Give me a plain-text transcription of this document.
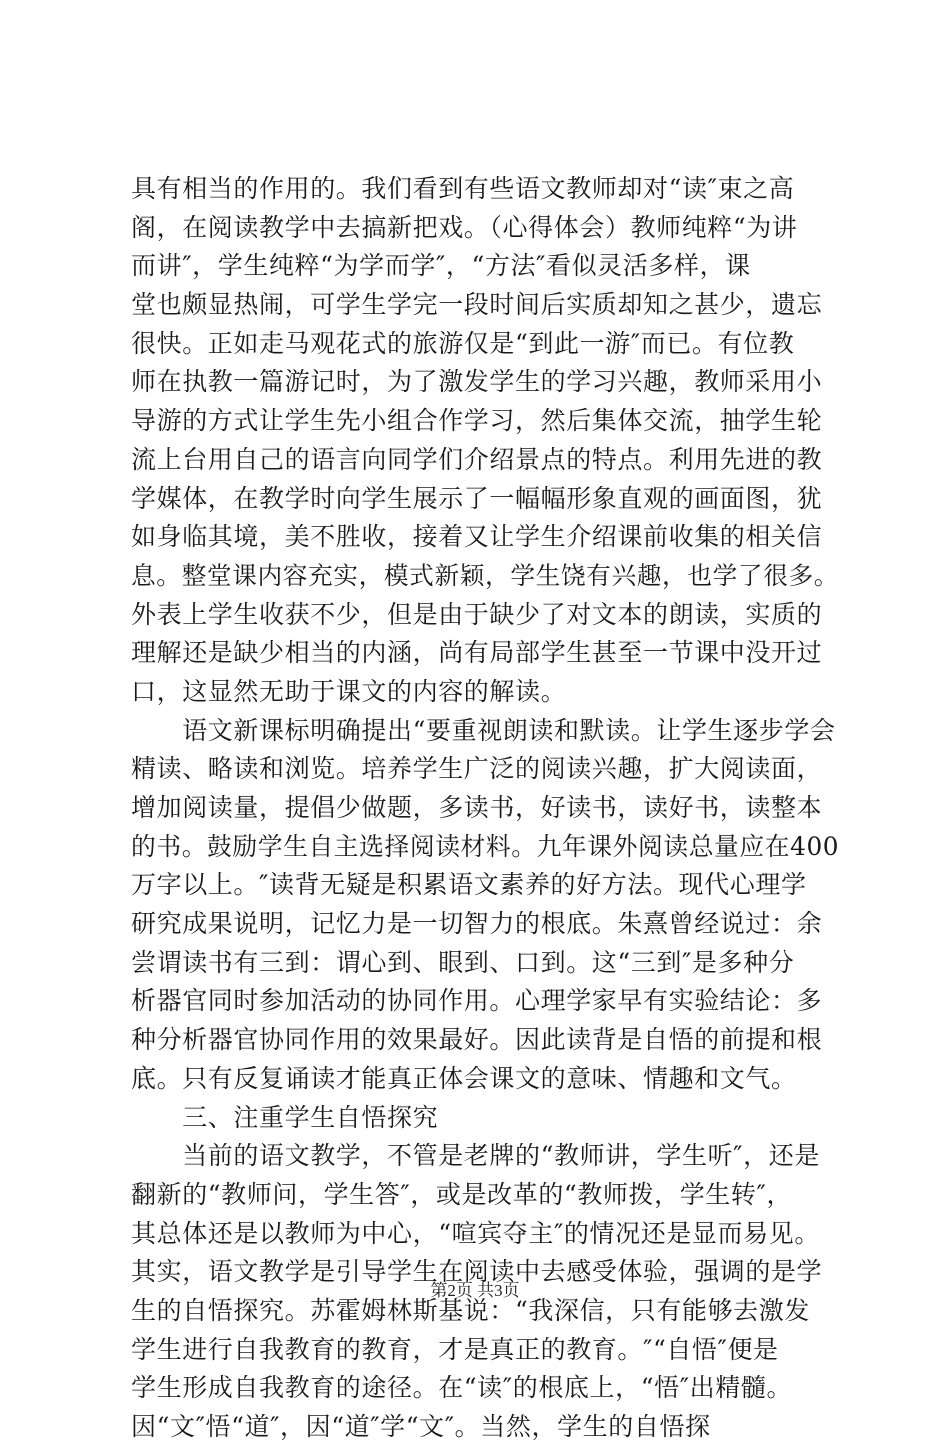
具有相当的作用的。我们看到有些语文教师却对“读″束之高
阁，在阅读教学中去搞新把戏。（心得体会）教师纯粹“为讲
而讲″，学生纯粹“为学而学″，“方法″看似灵活多样，课
堂也颇显热闹，可学生学完一段时间后实质却知之甚少，遗忘
很快。正如走马观花式的旅游仅是“到此一游″而已。有位教
师在执教一篇游记时，为了激发学生的学习兴趣，教师采用小
导游的方式让学生先小组合作学习，然后集体交流，抽学生轮
流上台用自己的语言向同学们介绍景点的特点。利用先进的教
学媒体，在教学时向学生展示了一幅幅形象直观的画面图，犹
如身临其境，美不胜收，接着又让学生介绍课前收集的相关信
息。整堂课内容充实，模式新颖，学生饶有兴趣，也学了很多。
外表上学生收获不少，但是由于缺少了对文本的朗读，实质的
理解还是缺少相当的内涵，尚有局部学生甚至一节课中没开过
口，这显然无助于课文的内容的解读。
　　语文新课标明确提出“要重视朗读和默读。让学生逐步学会
精读、略读和浏览。培养学生广泛的阅读兴趣，扩大阅读面，
增加阅读量，提倡少做题，多读书，好读书，读好书，读整本
的书。鼓励学生自主选择阅读材料。九年课外阅读总量应在400
万字以上。″读背无疑是积累语文素养的好方法。现代心理学
研究成果说明，记忆力是一切智力的根底。朱熹曾经说过：余
尝谓读书有三到：谓心到、眼到、口到。这“三到″是多种分
析器官同时参加活动的协同作用。心理学家早有实验结论：多
种分析器官协同作用的效果最好。因此读背是自悟的前提和根
底。只有反复诵读才能真正体会课文的意味、情趣和文气。
　　三、注重学生自悟探究
　　当前的语文教学，不管是老牌的“教师讲，学生听″，还是
翻新的“教师问，学生答″，或是改革的“教师拨，学生转″，
其总体还是以教师为中心，“喧宾夺主″的情况还是显而易见。
其实，语文教学是引导学生在阅读中去感受体验，强调的是学
生的自悟探究。苏霍姆林斯基说：“我深信，只有能够去激发
学生进行自我教育的教育，才是真正的教育。″“自悟″便是
学生形成自我教育的途径。在“读″的根底上，“悟″出精髓。
因“文″悟“道″，因“道″学“文″。当然，学生的自悟探
第2页 共3页
